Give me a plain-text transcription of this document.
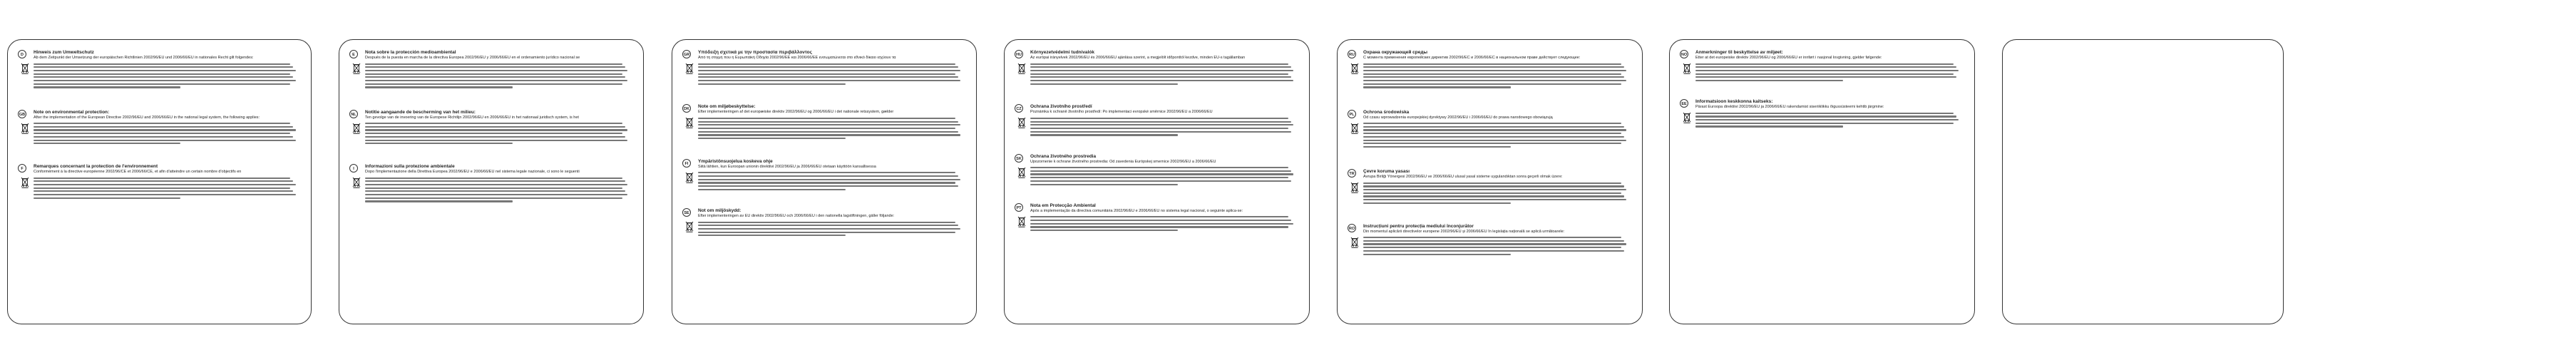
D	Hinweis zum Umweltschutz
Ab dem Zeitpunkt der Umsetzung der europäischen Richtlinien 2002/96/EU und 2006/66/EU in nationales Recht gilt folgendes:
GB Note on environmental protection:
After the implementation of the European Directive 2002/96/EU and 2006/66/EU in the national legal system, the following applies:
F	Remarques concernant la protection de l'environnement
Conformément à la directive européenne 2002/96/CE et 2006/66/CE, et afin d'atteindre un certain nombre d'objectifs en
E	Nota sobre la protección medioambiental
Después de la puesta en marcha de la directiva Europea 2002/96/EU y 2006/66/EU en el ordenamiento jurídico nacional se
NL	Notitie aangaande de bescherming van het milieu:
Ten gevolge van de invoering van de Europese Richtlijn 2002/96/EU en 2006/66/EU in het nationaal juridisch system, is het
I	Informazioni sulla protezione ambientale
Dopo l'implementazione della Direttiva Europea 2002/96/EU e 2006/66/EU nel sistema legale nazionale, ci sono le seguenti
GR Υπόδειξη σχετικά με την προστασία περιβάλλοντος
Από τη στιγμή που η Ευρωπαϊκή Οδηγία 2002/96/ΕΕ και 2006/66/ΕΕ ενσωματώνεται στο εθνικό δίκαιο ισχύουν τα
DK	Note om miljøbeskyttelse:
Efter implementeringen af det europæiske direktiv 2002/96/EU og 2006/66/EU i det nationale retssystem, gælder
FI	Ympäristönsuojelua koskeva ohje
Siitä lähtien, kun Euroopan unionin direktiivi 2002/96/EU ja 2006/66/EU otetaan käyttöön kansallisessa
SE	Not om miljöskydd:
Efter implementeringen av EU direktiv 2002/96/EU och 2006/66/EU i den nationella lagstiftningen, gäller följande:
HU	Környezetvédelmi tudnivalók
Az európai irányelvek 2002/96/EU és 2006/66/EU ajánlása szerint, a megjelölt időponttól kezdve, minden EU-s tagállamban
CZ	Ochrana životního prostředí
Poznámka k ochraně životního prostředí: Po implementaci evropské směrnice 2002/96/EU a 2006/66/EU
SK	Ochrana životného prostredia
Upozornenie k ochrane životného prostredia: Od zavedenia Európskej smernice 2002/96/EU a 2006/66/EU
PT	Nota em Protecção Ambiental
Após a implementação da directiva comunitária 2002/96/EU e 2006/66/EU no sistema legal nacional, o seguinte aplica-se:
RU	Охрана окружающей среды
С момента применения европейских директив 2002/96/ЕС и 2006/66/ЕС в национальном праве действует следующее:
PL	Ochrona środowiska
Od czasu wprowadzenia europejskiej dyrektywy 2002/96/EU i 2006/66/EU do prawa narodowego obowiązują
TR	Çevre koruma yasası
Avrupa Birliği Yönergesi 2002/96/EU ve 2006/66/EU ulusal yasal sisteme uygulandıktan sonra geçerli olmak üzere:
RO Instrucțiuni pentru protecția mediului înconjurător
Din momentul aplicării directivelor europene 2002/96/EU și 2006/66/EU în legislația națională se aplică următoarele:
NO Anmerkninger til beskyttelse av miljøet:
Etter at det europeiske direktiv 2002/96/EU og 2006/66/EU er innført i nasjonal lovgivning, gjelder følgende:
EE	Informatsioon keskkonna kaitseks:
Pärast Euroopa direktiivi 2002/96/EU ja 2006/66/EU rakendamist siseriiklikku õigussüsteemi kehtib järgmine:
